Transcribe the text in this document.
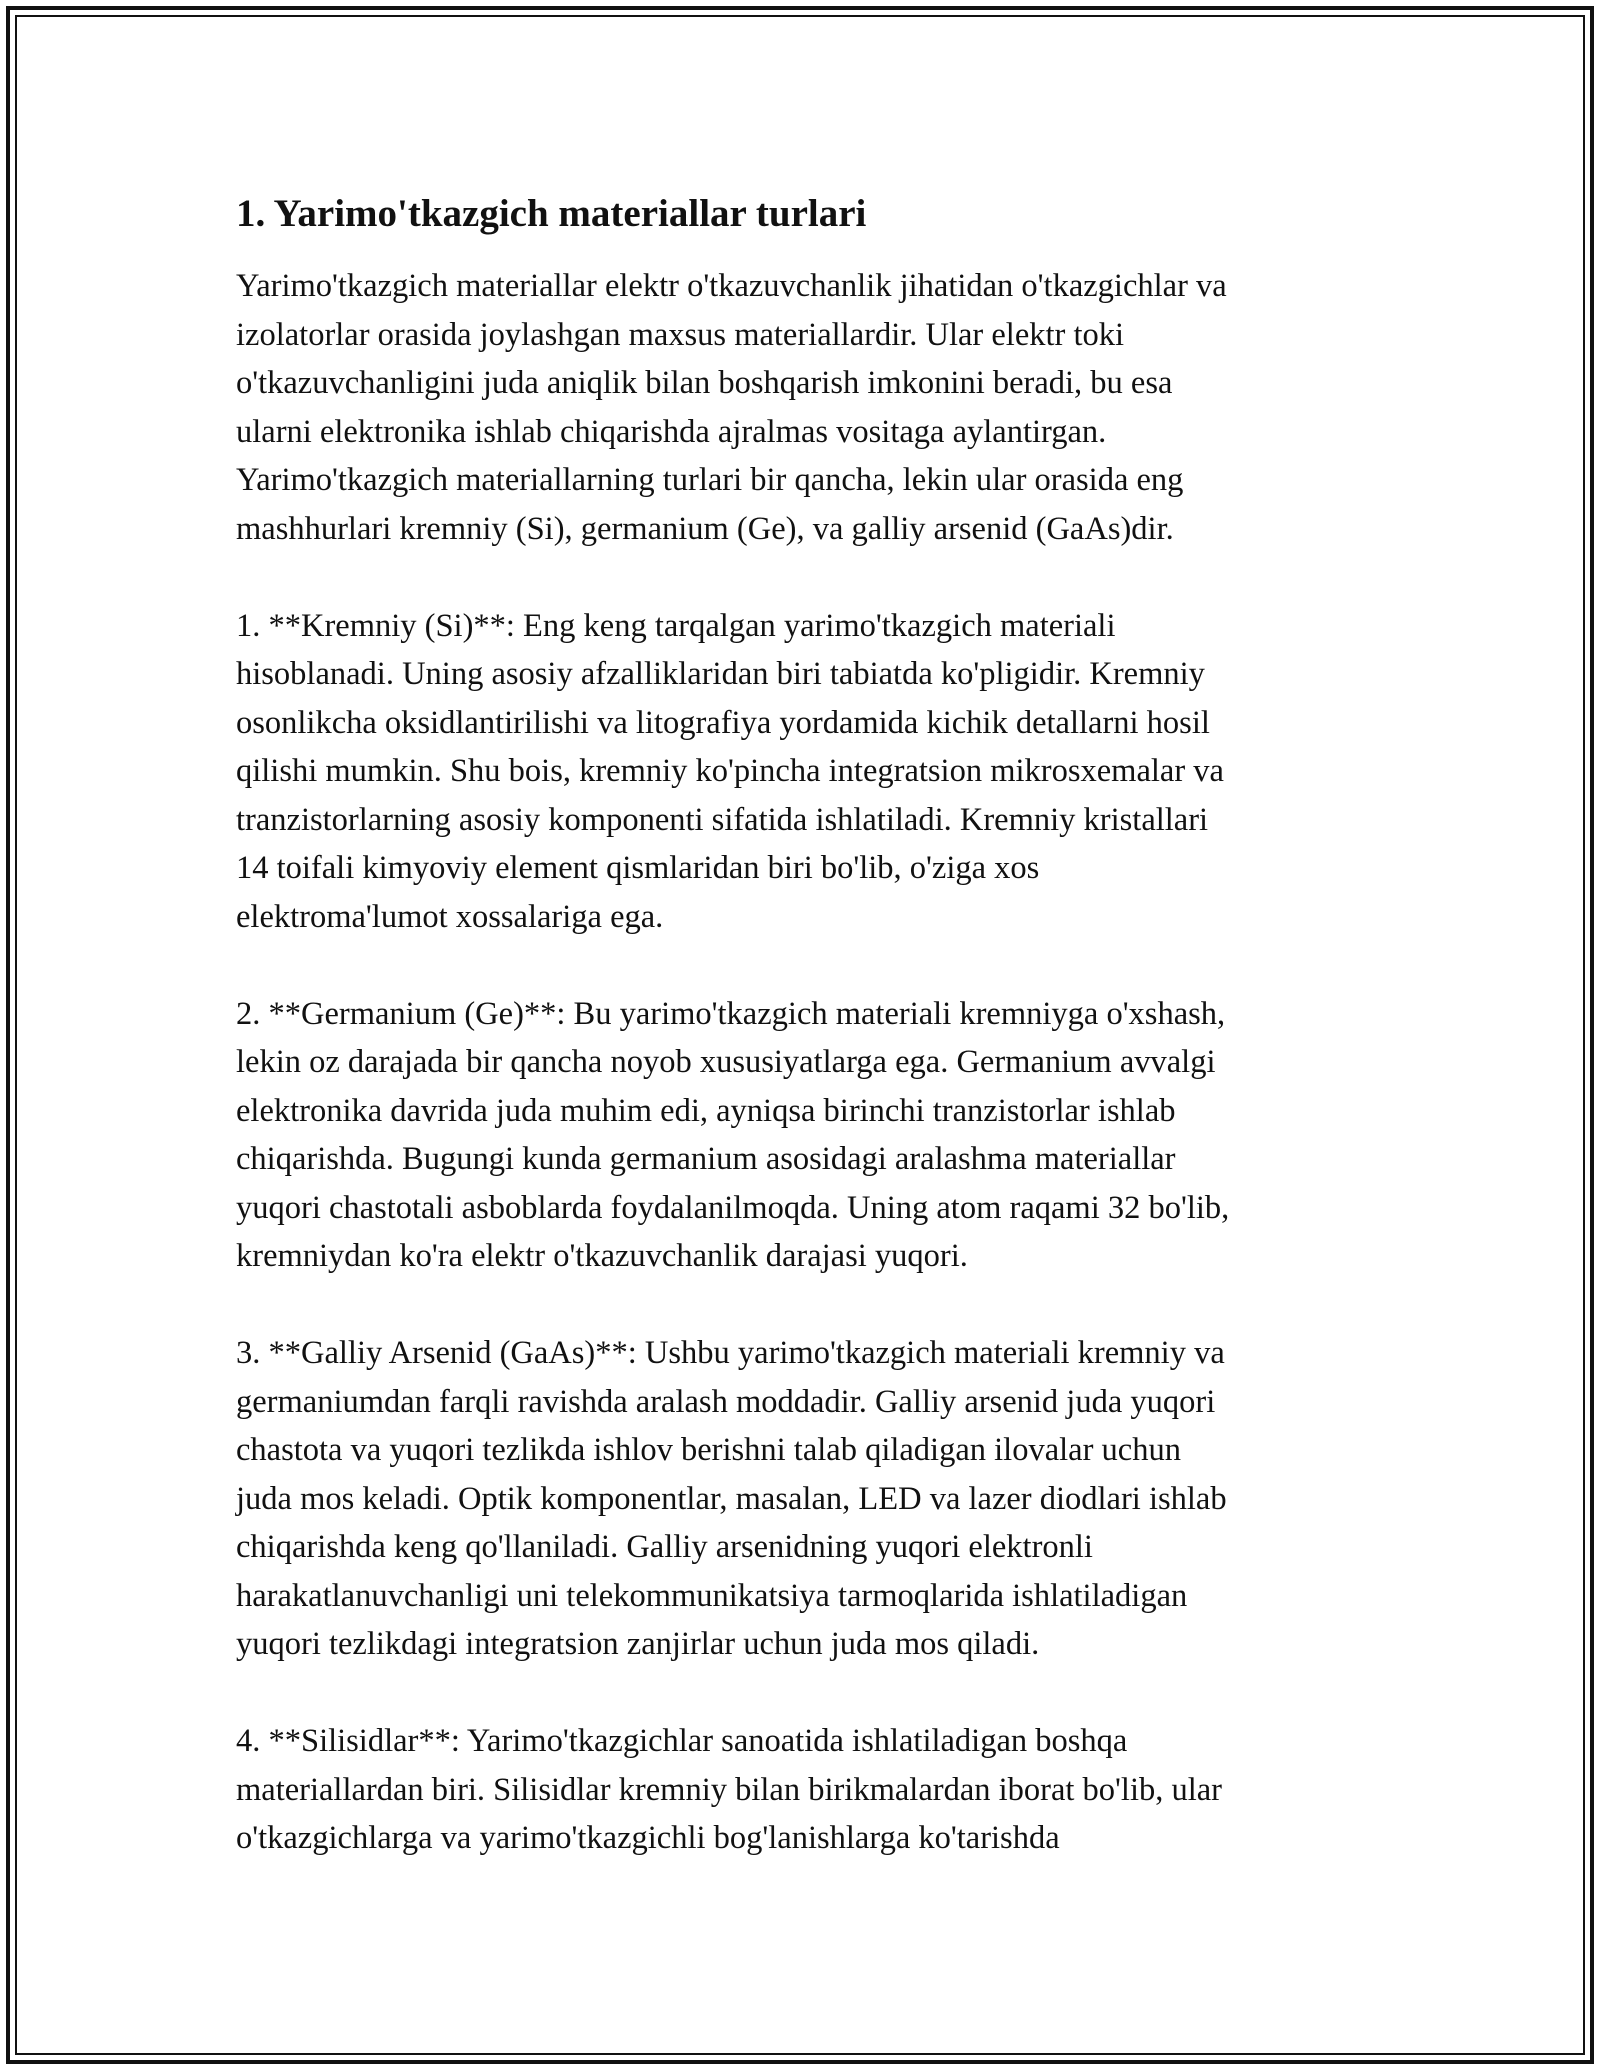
1. Yarimo'tkazgich materiallar turlari
Yarimo'tkazgich materiallar elektr o'tkazuvchanlik jihatidan o'tkazgichlar va
izolatorlar orasida joylashgan maxsus materiallardir. Ular elektr toki
o'tkazuvchanligini juda aniqlik bilan boshqarish imkonini beradi, bu esa
ularni elektronika ishlab chiqarishda ajralmas vositaga aylantirgan.
Yarimo'tkazgich materiallarning turlari bir qancha, lekin ular orasida eng
mashhurlari kremniy (Si), germanium (Ge), va galliy arsenid (GaAs)dir.
1. **Kremniy (Si)**: Eng keng tarqalgan yarimo'tkazgich materiali
hisoblanadi. Uning asosiy afzalliklaridan biri tabiatda ko'pligidir. Kremniy
osonlikcha oksidlantirilishi va litografiya yordamida kichik detallarni hosil
qilishi mumkin. Shu bois, kremniy ko'pincha integratsion mikrosxemalar va
tranzistorlarning asosiy komponenti sifatida ishlatiladi. Kremniy kristallari
14 toifali kimyoviy element qismlaridan biri bo'lib, o'ziga xos
elektroma'lumot xossalariga ega.
2. **Germanium (Ge)**: Bu yarimo'tkazgich materiali kremniyga o'xshash,
lekin oz darajada bir qancha noyob xususiyatlarga ega. Germanium avvalgi
elektronika davrida juda muhim edi, ayniqsa birinchi tranzistorlar ishlab
chiqarishda. Bugungi kunda germanium asosidagi aralashma materiallar
yuqori chastotali asboblarda foydalanilmoqda. Uning atom raqami 32 bo'lib,
kremniydan ko'ra elektr o'tkazuvchanlik darajasi yuqori.
3. **Galliy Arsenid (GaAs)**: Ushbu yarimo'tkazgich materiali kremniy va
germaniumdan farqli ravishda aralash moddadir. Galliy arsenid juda yuqori
chastota va yuqori tezlikda ishlov berishni talab qiladigan ilovalar uchun
juda mos keladi. Optik komponentlar, masalan, LED va lazer diodlari ishlab
chiqarishda keng qo'llaniladi. Galliy arsenidning yuqori elektronli
harakatlanuvchanligi uni telekommunikatsiya tarmoqlarida ishlatiladigan
yuqori tezlikdagi integratsion zanjirlar uchun juda mos qiladi.
4. **Silisidlar**: Yarimo'tkazgichlar sanoatida ishlatiladigan boshqa
materiallardan biri. Silisidlar kremniy bilan birikmalardan iborat bo'lib, ular
o'tkazgichlarga va yarimo'tkazgichli bog'lanishlarga ko'tarishda
